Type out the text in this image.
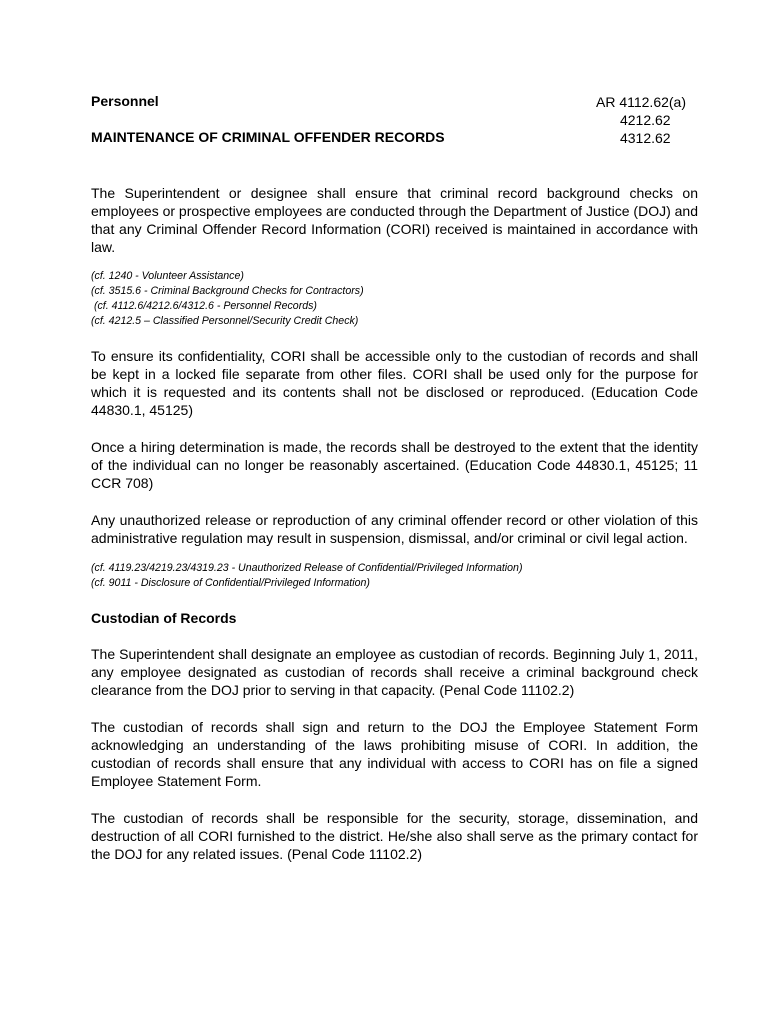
Personnel
MAINTENANCE OF CRIMINAL OFFENDER RECORDS
AR 4112.62(a)
4212.62
4312.62

The Superintendent or designee shall ensure that criminal record background checks on employees or prospective employees are conducted through the Department of Justice (DOJ) and that any Criminal Offender Record Information (CORI) received is maintained in accordance with law.

(cf. 1240 - Volunteer Assistance)
(cf. 3515.6 - Criminal Background Checks for Contractors)
(cf. 4112.6/4212.6/4312.6 - Personnel Records)
(cf. 4212.5 – Classified Personnel/Security Credit Check)

To ensure its confidentiality, CORI shall be accessible only to the custodian of records and shall be kept in a locked file separate from other files. CORI shall be used only for the purpose for which it is requested and its contents shall not be disclosed or reproduced. (Education Code 44830.1, 45125)

Once a hiring determination is made, the records shall be destroyed to the extent that the identity of the individual can no longer be reasonably ascertained. (Education Code 44830.1, 45125; 11 CCR 708)

Any unauthorized release or reproduction of any criminal offender record or other violation of this administrative regulation may result in suspension, dismissal, and/or criminal or civil legal action.

(cf. 4119.23/4219.23/4319.23 - Unauthorized Release of Confidential/Privileged Information)
(cf. 9011 - Disclosure of Confidential/Privileged Information)
Custodian of Records

The Superintendent shall designate an employee as custodian of records. Beginning July 1, 2011, any employee designated as custodian of records shall receive a criminal background check clearance from the DOJ prior to serving in that capacity. (Penal Code 11102.2)

The custodian of records shall sign and return to the DOJ the Employee Statement Form acknowledging an understanding of the laws prohibiting misuse of CORI. In addition, the custodian of records shall ensure that any individual with access to CORI has on file a signed Employee Statement Form.

The custodian of records shall be responsible for the security, storage, dissemination, and destruction of all CORI furnished to the district. He/she also shall serve as the primary contact for the DOJ for any related issues. (Penal Code 11102.2)
